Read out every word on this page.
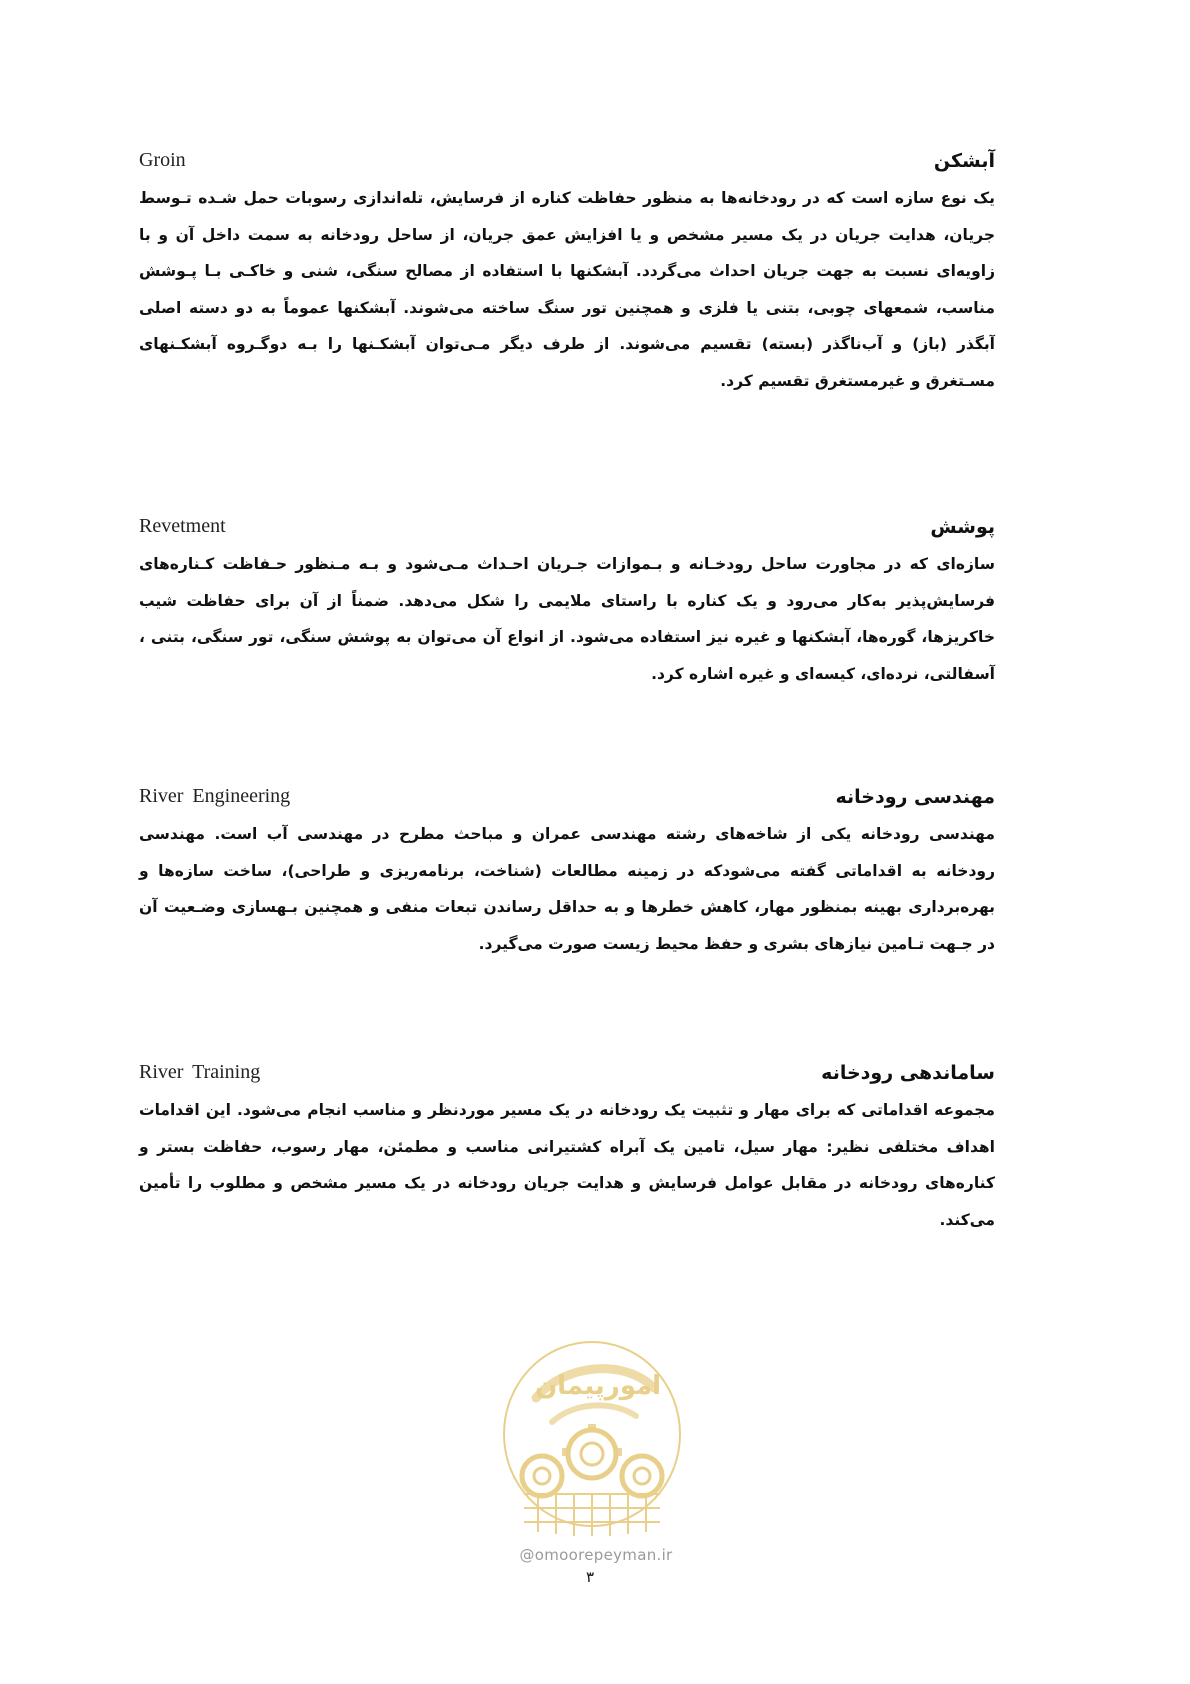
آبشکن
Groin

یک نوع سازه است که در رودخانه‌ها به منظور حفاظت کناره از فرسایش، تله‌اندازی رسوبات حمل شـده تـوسط جریان، هدایت جریان در یک مسیر مشخص و یا افزایش عمق جریان، از ساحل رودخانه به سمت داخل آن و با زاویه‌ای نسبت به جهت جریان احداث می‌گردد. آبشکنها با استفاده از مصالح سنگی، شنی و خاکـی بـا پـوشش مناسب، شمعهای چوبی، بتنی یا فلزی و همچنین تور سنگ ساخته می‌شوند. آبشکنها عموماً به دو دسته اصلی آبگذر (باز) و آب‌ناگذر (بسته) تقسیم می‌شوند. از طرف دیگر مـی‌توان آبشکـنها را بـه دوگـروه آبشکـنهای مسـتغرق و غیرمستغرق تقسیم کرد.

پوشش
Revetment

سازه‌ای که در مجاورت ساحل رودخـانه و بـموازات جـریان احـداث مـی‌شود و بـه مـنظور حـفاظت کـناره‌های فرسایش‌پذیر به‌کار می‌رود و یک کناره با راستای ملایمی را شکل می‌دهد. ضمناً از آن برای حفاظت شیب خاکریزها، گوره‌ها، آبشکنها و غیره نیز استفاده می‌شود. از انواع آن می‌توان به پوشش سنگی، تور سنگی، بتنی ، آسفالتی، نرده‌ای، کیسه‌ای و غیره اشاره کرد.

مهندسی رودخانه
River Engineering

مهندسی رودخانه یکی از شاخه‌های رشته مهندسی عمران و مباحث مطرح در مهندسی آب است. مهندسی رودخانه به اقداماتی گفته می‌شودکه در زمینه مطالعات (شناخت، برنامه‌ریزی و طراحی)، ساخت سازه‌ها و بهره‌برداری بهینه بمنظور مهار، کاهش خطرها و به حداقل رساندن تبعات منفی و همچنین بـهسازی وضـعیت آن در جـهت تـامین نیازهای بشری و حفظ محیط زیست صورت می‌گیرد.

ساماندهی رودخانه
River Training

مجموعه اقداماتی که برای مهار و تثبیت یک رودخانه در یک مسیر موردنظر و مناسب انجام می‌شود. این اقدامات اهداف مختلفی نظیر: مهار سیل، تامین یک آبراه کشتیرانی مناسب و مطمئن، مهار رسوب، حفاظت بستر و کناره‌های رودخانه در مقابل عوامل فرسایش و هدایت جریان رودخانه در یک مسیر مشخص و مطلوب را تأمین می‌کند.

امورپیمان
@omoorepeyman.ir
۳
